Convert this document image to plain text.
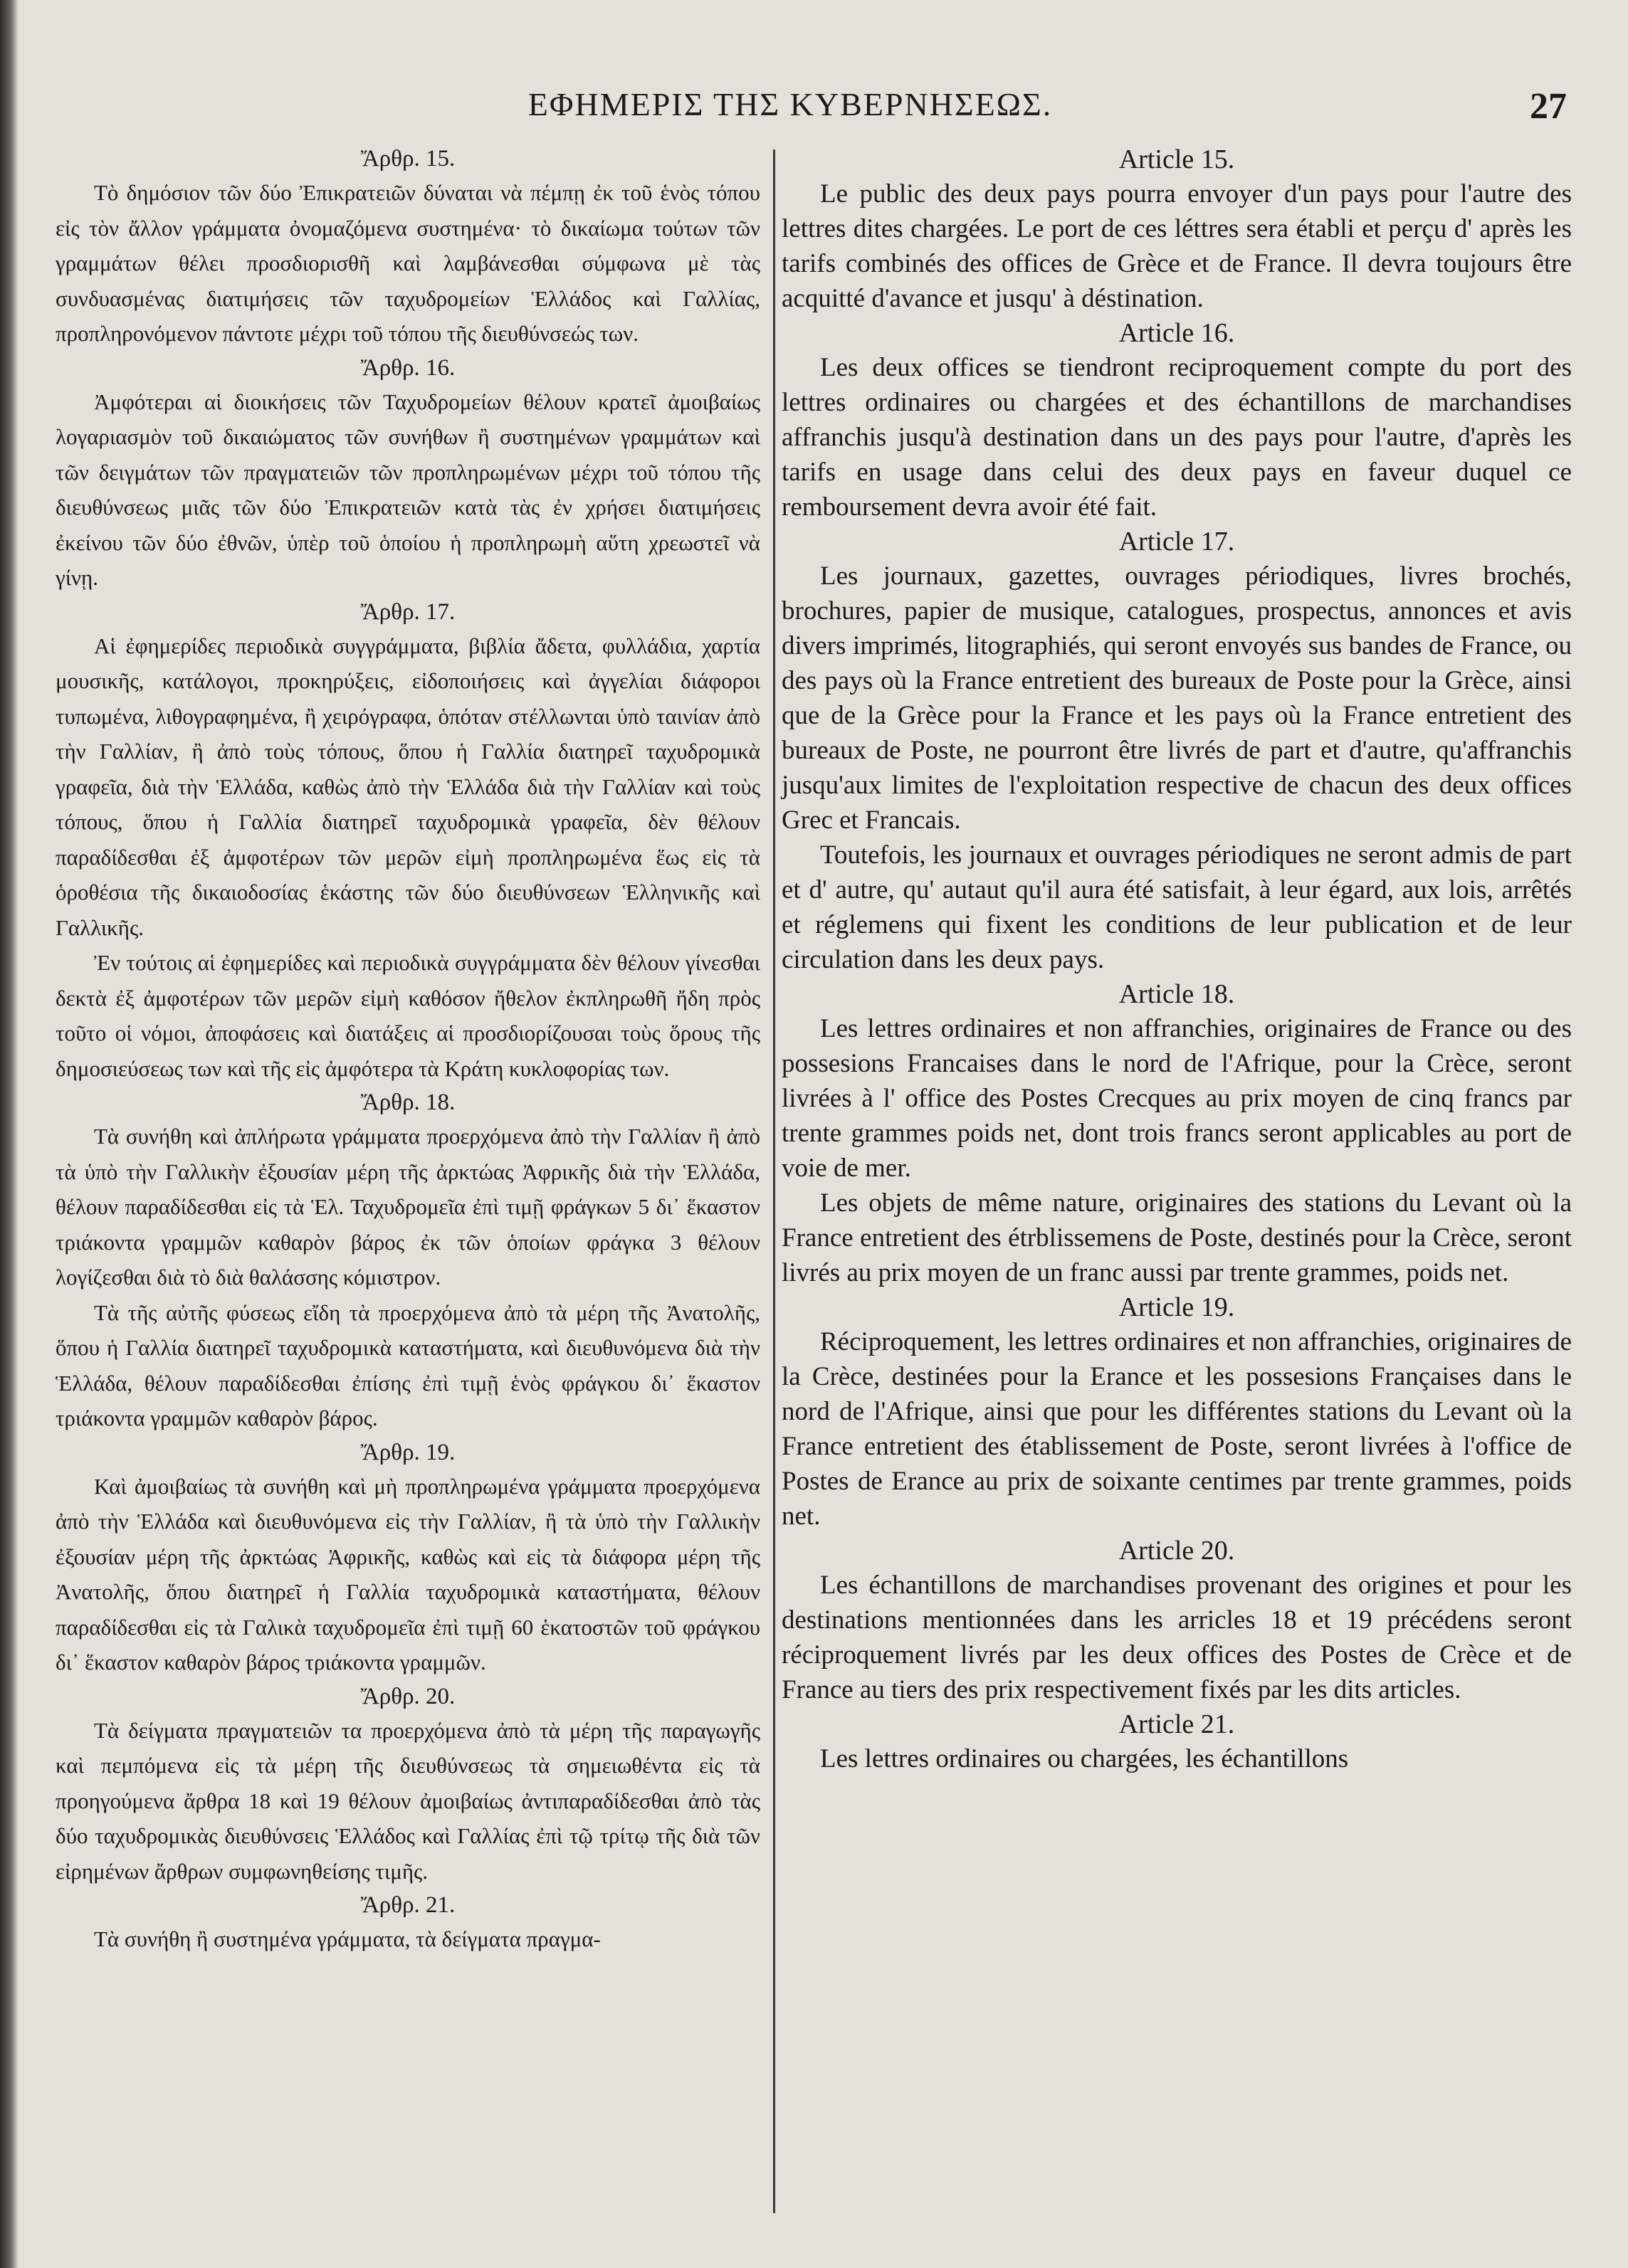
ΕΦΗΜΕΡΙΣ ΤΗΣ ΚΥΒΕΡΝΗΣΕΩΣ.	27
Ἄρθρ. 15.

Τὸ δημόσιον τῶν δύο Ἐπικρατειῶν δύναται νὰ πέμπῃ ἐκ τοῦ ἑνὸς τόπου εἰς τὸν ἄλλον γράμματα ὀνομαζόμενα συστημένα· τὸ δικαίωμα τούτων τῶν γραμμάτων θέλει προσδιορισθῆ καὶ λαμβάνεσθαι σύμφωνα μὲ τὰς συνδυασμένας διατιμήσεις τῶν ταχυδρομείων Ἑλλάδος καὶ Γαλλίας, προπληρονόμενον πάντοτε μέχρι τοῦ τόπου τῆς διευθύνσεώς των.

Ἄρθρ. 16.

Ἀμφότεραι αἱ διοικήσεις τῶν Ταχυδρομείων θέλουν κρατεῖ ἀμοιβαίως λογαριασμὸν τοῦ δικαιώματος τῶν συνήθων ἢ συστημένων γραμμάτων καὶ τῶν δειγμάτων τῶν πραγματειῶν τῶν προπληρωμένων μέχρι τοῦ τόπου τῆς διευθύνσεως μιᾶς τῶν δύο Ἐπικρατειῶν κατὰ τὰς ἐν χρήσει διατιμήσεις ἐκείνου τῶν δύο ἐθνῶν, ὑπὲρ τοῦ ὁποίου ἡ προπληρωμὴ αὕτη χρεωστεῖ νὰ γίνῃ.

Ἄρθρ. 17.

Αἱ ἐφημερίδες περιοδικὰ συγγράμματα, βιβλία ἄδετα, φυλλάδια, χαρτία μουσικῆς, κατάλογοι, προκηρύξεις, εἰδοποιήσεις καὶ ἀγγελίαι διάφοροι τυπωμένα, λιθογραφημένα, ἢ χειρόγραφα, ὁπόταν στέλλωνται ὑπὸ ταινίαν ἀπὸ τὴν Γαλλίαν, ἢ ἀπὸ τοὺς τόπους, ὅπου ἡ Γαλλία διατηρεῖ ταχυδρομικὰ γραφεῖα, διὰ τὴν Ἑλλάδα, καθὼς ἀπὸ τὴν Ἑλλάδα διὰ τὴν Γαλλίαν καὶ τοὺς τόπους, ὅπου ἡ Γαλλία διατηρεῖ ταχυδρομικὰ γραφεῖα, δὲν θέλουν παραδίδεσθαι ἐξ ἀμφοτέρων τῶν μερῶν εἰμὴ προπληρωμένα ἕως εἰς τὰ ὁροθέσια τῆς δικαιοδοσίας ἑκάστης τῶν δύο διευθύνσεων Ἑλληνικῆς καὶ Γαλλικῆς.

Ἐν τούτοις αἱ ἐφημερίδες καὶ περιοδικὰ συγγράμματα δὲν θέλουν γίνεσθαι δεκτὰ ἐξ ἀμφοτέρων τῶν μερῶν εἰμὴ καθόσον ἤθελον ἐκπληρωθῆ ἤδη πρὸς τοῦτο οἱ νόμοι, ἀποφάσεις καὶ διατάξεις αἱ προσδιορίζουσαι τοὺς ὅρους τῆς δημοσιεύσεως των καὶ τῆς εἰς ἀμφότερα τὰ Κράτη κυκλοφορίας των.

Ἄρθρ. 18.

Τὰ συνήθη καὶ ἀπλήρωτα γράμματα προερχόμενα ἀπὸ τὴν Γαλλίαν ἢ ἀπὸ τὰ ὑπὸ τὴν Γαλλικὴν ἐξουσίαν μέρη τῆς ἀρκτώας Ἀφρικῆς διὰ τὴν Ἑλλάδα, θέλουν παραδίδεσθαι εἰς τὰ Ἑλ. Ταχυδρομεῖα ἐπὶ τιμῇ φράγκων 5 δι᾽ ἕκαστον τριάκοντα γραμμῶν καθαρὸν βάρος ἐκ τῶν ὁποίων φράγκα 3 θέλουν λογίζεσθαι διὰ τὸ διὰ θαλάσσης κόμιστρον.

Τὰ τῆς αὐτῆς φύσεως εἴδη τὰ προερχόμενα ἀπὸ τὰ μέρη τῆς Ἀνατολῆς, ὅπου ἡ Γαλλία διατηρεῖ ταχυδρομικὰ καταστήματα, καὶ διευθυνόμενα διὰ τὴν Ἑλλάδα, θέλουν παραδίδεσθαι ἐπίσης ἐπὶ τιμῇ ἑνὸς φράγκου δι᾽ ἕκαστον τριάκοντα γραμμῶν καθαρὸν βάρος.

Ἄρθρ. 19.

Καὶ ἀμοιβαίως τὰ συνήθη καὶ μὴ προπληρωμένα γράμματα προερχόμενα ἀπὸ τὴν Ἑλλάδα καὶ διευθυνόμενα εἰς τὴν Γαλλίαν, ἢ τὰ ὑπὸ τὴν Γαλλικὴν ἐξουσίαν μέρη τῆς ἀρκτώας Ἀφρικῆς, καθὼς καὶ εἰς τὰ διάφορα μέρη τῆς Ἀνατολῆς, ὅπου διατηρεῖ ἡ Γαλλία ταχυδρομικὰ καταστήματα, θέλουν παραδίδεσθαι εἰς τὰ Γαλικὰ ταχυδρομεῖα ἐπὶ τιμῇ 60 ἑκατοστῶν τοῦ φράγκου δι᾽ ἕκαστον καθαρὸν βάρος τριάκοντα γραμμῶν.

Ἄρθρ. 20.

Τὰ δείγματα πραγματειῶν τα προερχόμενα ἀπὸ τὰ μέρη τῆς παραγωγῆς καὶ πεμπόμενα εἰς τὰ μέρη τῆς διευθύνσεως τὰ σημειωθέντα εἰς τὰ προηγούμενα ἄρθρα 18 καὶ 19 θέλουν ἀμοιβαίως ἀντιπαραδίδεσθαι ἀπὸ τὰς δύο ταχυδρομικὰς διευθύνσεις Ἑλλάδος καὶ Γαλλίας ἐπὶ τῷ τρίτῳ τῆς διὰ τῶν εἰρημένων ἄρθρων συμφωνηθείσης τιμῆς.

Ἄρθρ. 21.

Τὰ συνήθη ἢ συστημένα γράμματα, τὰ δείγματα πραγμα-

Article 15.

Le public des deux pays pourra envoyer d'un pays pour l'autre des lettres dites chargées. Le port de ces léttres sera établi et perçu d' après les tarifs combinés des offices de Grèce et de France. Il devra toujours être acquitté d'avance et jusqu' à déstination.

Article 16.

Les deux offices se tiendront reciproquement compte du port des lettres ordinaires ou chargées et des échantillons de marchandises affranchis jusqu'à destination dans un des pays pour l'autre, d'après les tarifs en usage dans celui des deux pays en faveur duquel ce remboursement devra avoir été fait.

Article 17.

Les journaux, gazettes, ouvrages périodiques, livres brochés, brochures, papier de musique, catalogues, prospectus, annonces et avis divers imprimés, litographiés, qui seront envoyés sus bandes de France, ou des pays où la France entretient des bureaux de Poste pour la Grèce, ainsi que de la Grèce pour la France et les pays où la France entretient des bureaux de Poste, ne pourront être livrés de part et d'autre, qu'affranchis jusqu'aux limites de l'exploitation respective de chacun des deux offices Grec et Francais.

Toutefois, les journaux et ouvrages périodiques ne seront admis de part et d' autre, qu' autaut qu'il aura été satisfait, à leur égard, aux lois, arrêtés et réglemens qui fixent les conditions de leur publication et de leur circulation dans les deux pays.

Article 18.

Les lettres ordinaires et non affranchies, originaires de France ou des possesions Francaises dans le nord de l'Afrique, pour la Crèce, seront livrées à l' office des Postes Crecques au prix moyen de cinq francs par trente grammes poids net, dont trois francs seront applicables au port de voie de mer.

Les objets de même nature, originaires des stations du Levant où la France entretient des étrblissemens de Poste, destinés pour la Crèce, seront livrés au prix moyen de un franc aussi par trente grammes, poids net.

Article 19.

Réciproquement, les lettres ordinaires et non affranchies, originaires de la Crèce, destinées pour la Erance et les possesions Françaises dans le nord de l'Afrique, ainsi que pour les différentes stations du Levant où la France entretient des établissement de Poste, seront livrées à l'office de Postes de Erance au prix de soixante centimes par trente grammes, poids net.

Article 20.

Les échantillons de marchandises provenant des origines et pour les destinations mentionnées dans les arricles 18 et 19 précédens seront réciproquement livrés par les deux offices des Postes de Crèce et de France au tiers des prix respectivement fixés par les dits articles.

Article 21.

Les lettres ordinaires ou chargées, les échantillons
